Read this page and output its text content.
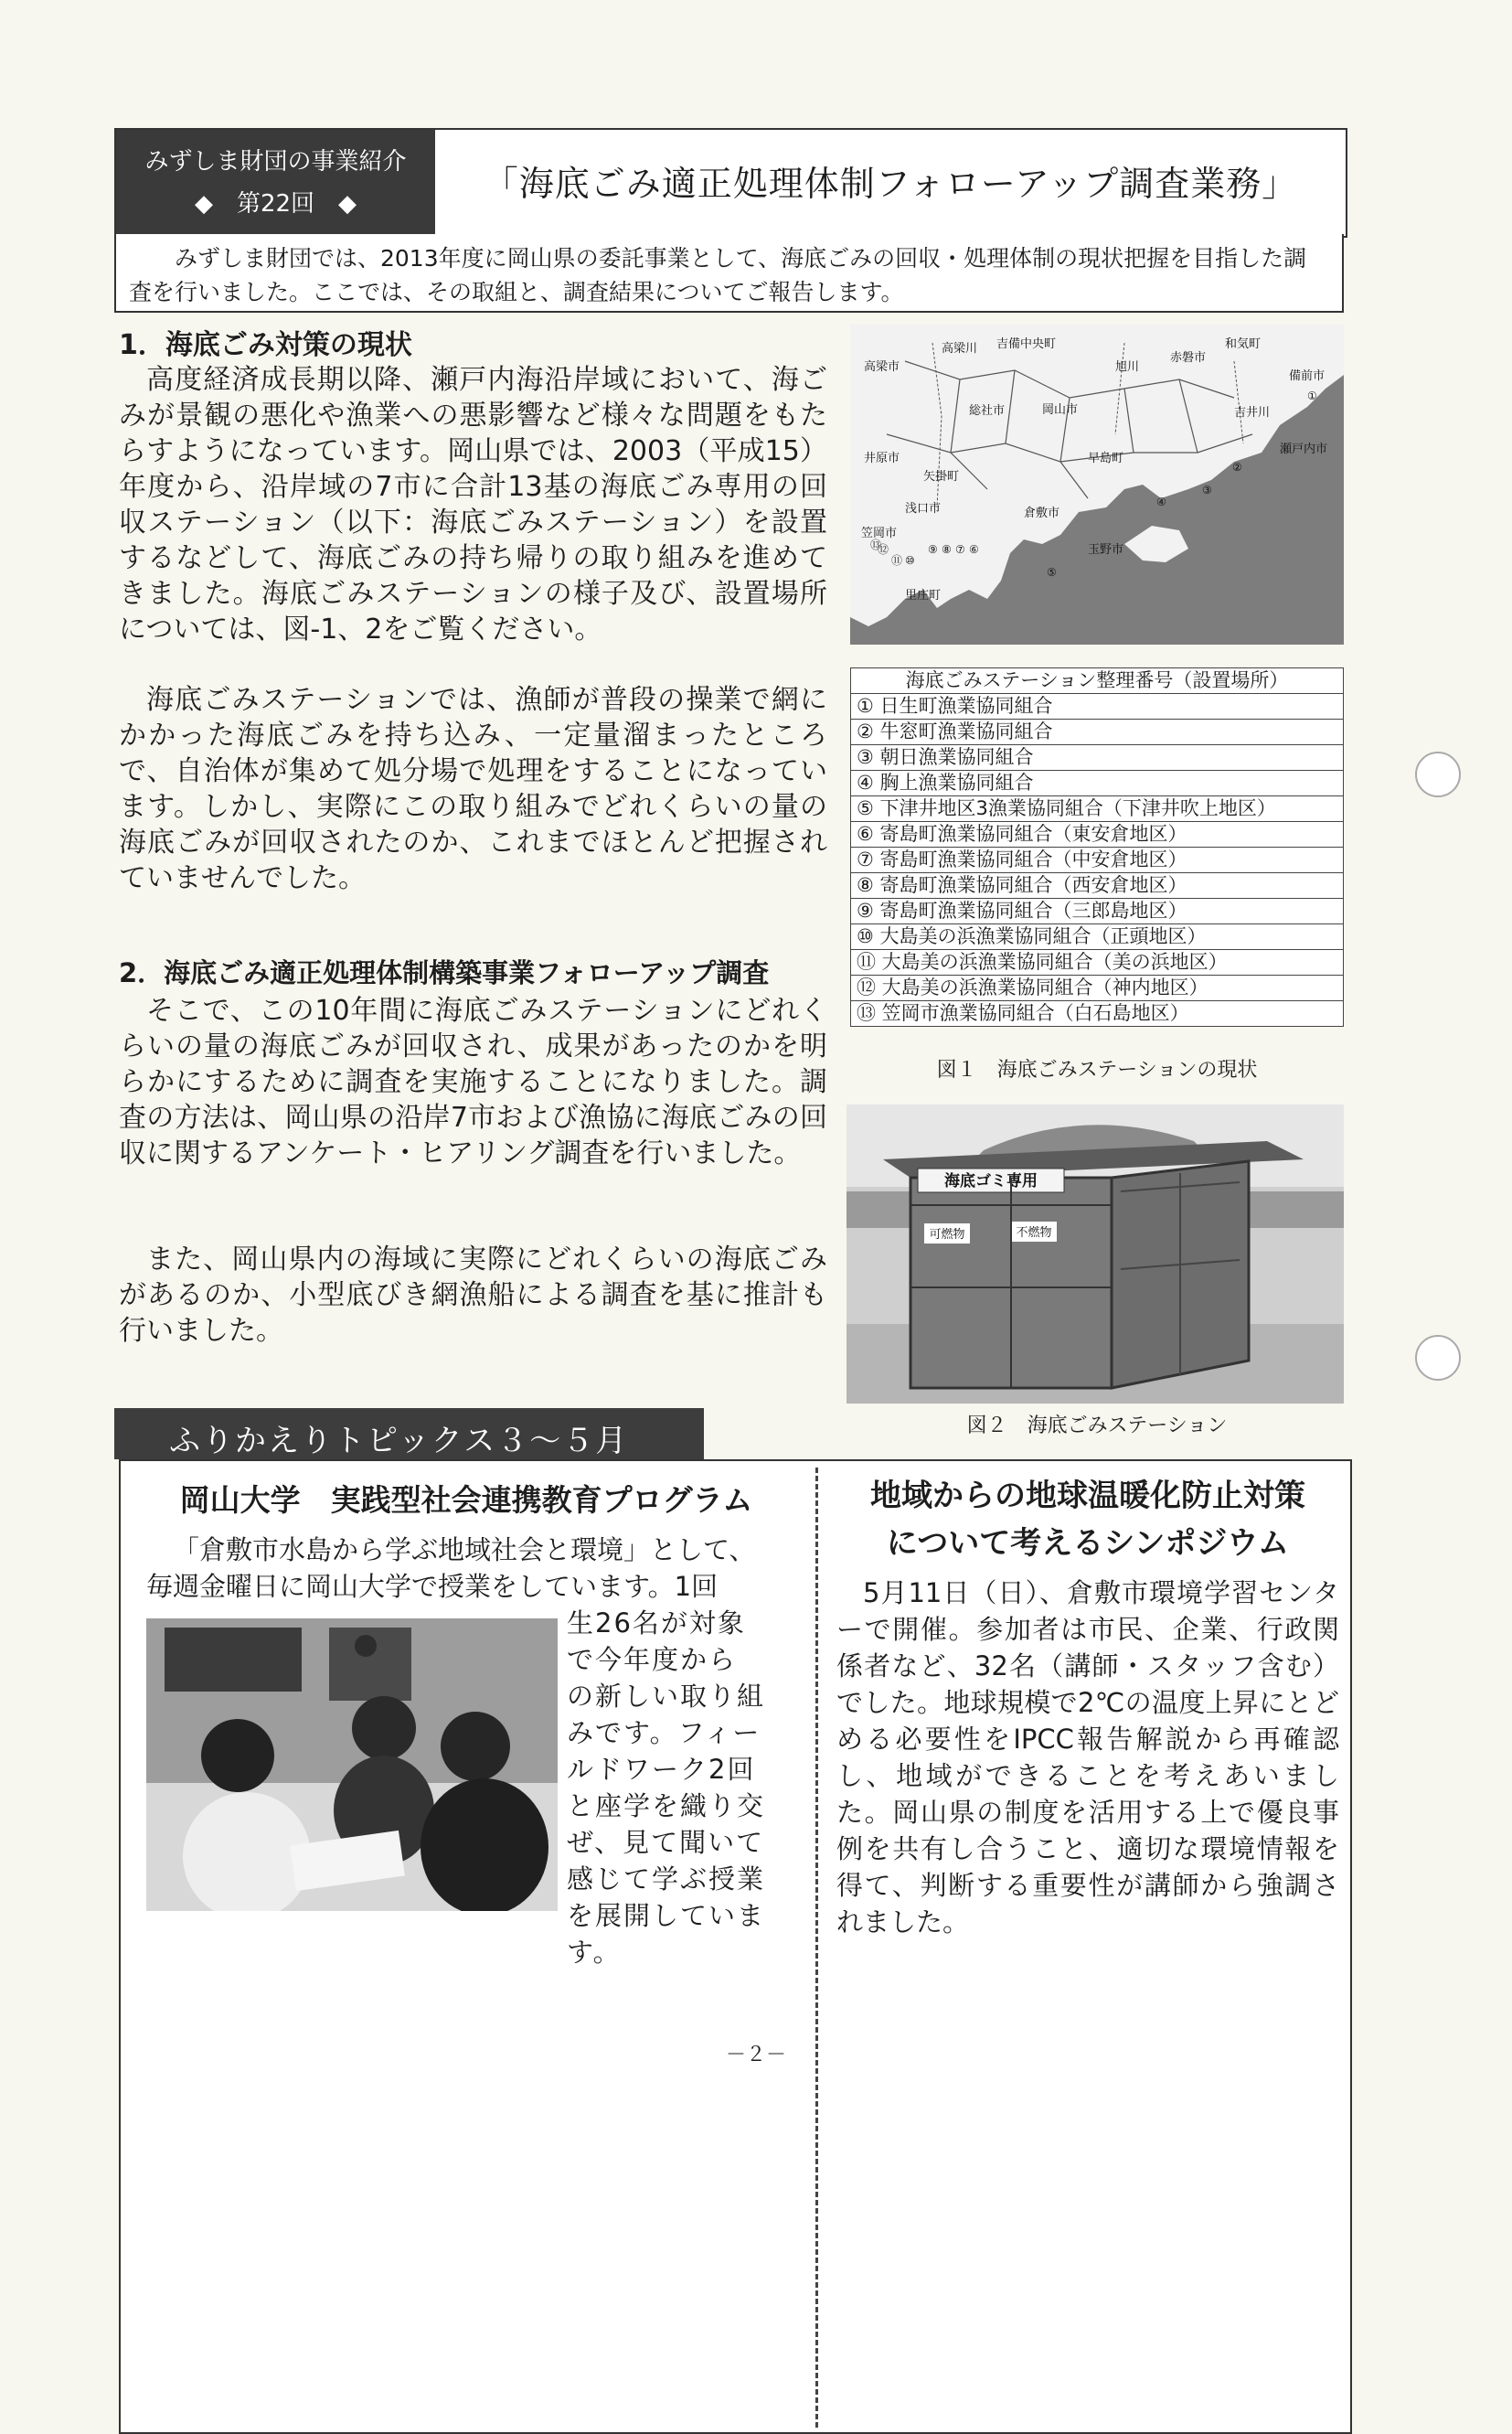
みずしま財団の事業紹介
◆　第22回　◆	「海底ごみ適正処理体制フォローアップ調査業務」
みずしま財団では、2013年度に岡山県の委託事業として、海底ごみの回収・処理体制の現状把握を目指した調査を行いました。ここでは、その取組と、調査結果についてご報告します。
1．海底ごみ対策の現状
高度経済成長期以降、瀬戸内海沿岸域において、海ごみが景観の悪化や漁業への悪影響など様々な問題をもたらすようになっています。岡山県では、2003（平成15）年度から、沿岸域の7市に合計13基の海底ごみ専用の回収ステーション（以下：海底ごみステーション）を設置するなどして、海底ごみの持ち帰りの取り組みを進めてきました。海底ごみステーションの様子及び、設置場所については、図-1、2をご覧ください。
海底ごみステーションでは、漁師が普段の操業で網にかかった海底ごみを持ち込み、一定量溜まったところで、自治体が集めて処分場で処理をすることになっています。しかし、実際にこの取り組みでどれくらいの量の海底ごみが回収されたのか、これまでほとんど把握されていませんでした。
2．海底ごみ適正処理体制構築事業フォローアップ調査
そこで、この10年間に海底ごみステーションにどれくらいの量の海底ごみが回収され、成果があったのかを明らかにするために調査を実施することになりました。調査の方法は、岡山県の沿岸7市および漁協に海底ごみの回収に関するアンケート・ヒアリング調査を行いました。
また、岡山県内の海域に実際にどれくらいの海底ごみがあるのか、小型底びき網漁船による調査を基に推計も行いました。
高梁市
高梁川 吉備中央町
旭川
赤磐市
和気町
備前市
総社市	岡山市	吉井川
井原市
矢掛町
早島町
瀬戸内市
浅口市	倉敷市
笠岡市
玉野市
里庄町
①
②
③
④
⑤
⑥
⑦
⑧
⑨
⑩
⑪
⑫
⑬
海底ごみステーション整理番号（設置場所）
① 日生町漁業協同組合
② 牛窓町漁業協同組合
③ 朝日漁業協同組合
④ 胸上漁業協同組合
⑤ 下津井地区3漁業協同組合（下津井吹上地区）
⑥ 寄島町漁業協同組合（東安倉地区）
⑦ 寄島町漁業協同組合（中安倉地区）
⑧ 寄島町漁業協同組合（西安倉地区）
⑨ 寄島町漁業協同組合（三郎島地区）
⑩ 大島美の浜漁業協同組合（正頭地区）
⑪ 大島美の浜漁業協同組合（美の浜地区）
⑫ 大島美の浜漁業協同組合（神内地区）
⑬ 笠岡市漁業協同組合（白石島地区）
図１　海底ごみステーションの現状
海底ゴミ専用
可燃物	不燃物
図２　海底ごみステーション
ふりかえりトピックス３～５月
岡山大学　実践型社会連携教育プログラム
「倉敷市水島から学ぶ地域社会と環境」として、
毎週金曜日に岡山大学で授業をしています。1回
生26名が対象
で今年度から
の新しい取り組
みです。フィー
ルドワーク2回
と座学を織り交
ぜ、見て聞いて
感じて学ぶ授業
を展開していま
す。
地域からの地球温暖化防止対策
について考えるシンポジウム
5月11日（日）、倉敷市環境学習センターで開催。参加者は市民、企業、行政関係者など、32名（講師・スタッフ含む）でした。地球規模で2℃の温度上昇にとどめる必要性をIPCC報告解説から再確認し、地域ができることを考えあいました。岡山県の制度を活用する上で優良事例を共有し合うこと、適切な環境情報を得て、判断する重要性が講師から強調されました。
－２－
